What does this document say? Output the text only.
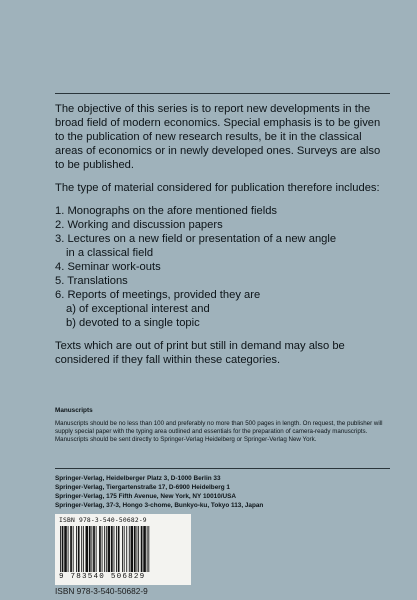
The objective of this series is to report new developments in the broad field of modern economics. Special emphasis is to be given to the publication of new research results, be it in the classical areas of economics or in newly developed ones. Surveys are also to be published.

The type of material considered for publication therefore includes:

1. Monographs on the afore mentioned fields
2. Working and discussion papers
3. Lectures on a new field or presentation of a new angle
in a classical field
4. Seminar work-outs
5. Translations
6. Reports of meetings, provided they are
a) of exceptional interest and
b) devoted to a single topic

Texts which are out of print but still in demand may also be considered if they fall within these categories.

Manuscripts

Manuscripts should be no less than 100 and preferably no more than 500 pages in length. On request, the publisher will supply special paper with the typing area outlined and essentials for the preparation of camera-ready manuscripts. Manuscripts should be sent directly to Springer-Verlag Heidelberg or Springer-Verlag New York.

Springer-Verlag, Heidelberger Platz 3, D-1000 Berlin 33
Springer-Verlag, Tiergartenstraße 17, D-6900 Heidelberg 1
Springer-Verlag, 175 Fifth Avenue, New York, NY 10010/USA
Springer-Verlag, 37-3, Hongo 3-chome, Bunkyo-ku, Tokyo 113, Japan
ISBN 978-3-540-50682-9
9 783540 506829
ISBN 978-3-540-50682-9
